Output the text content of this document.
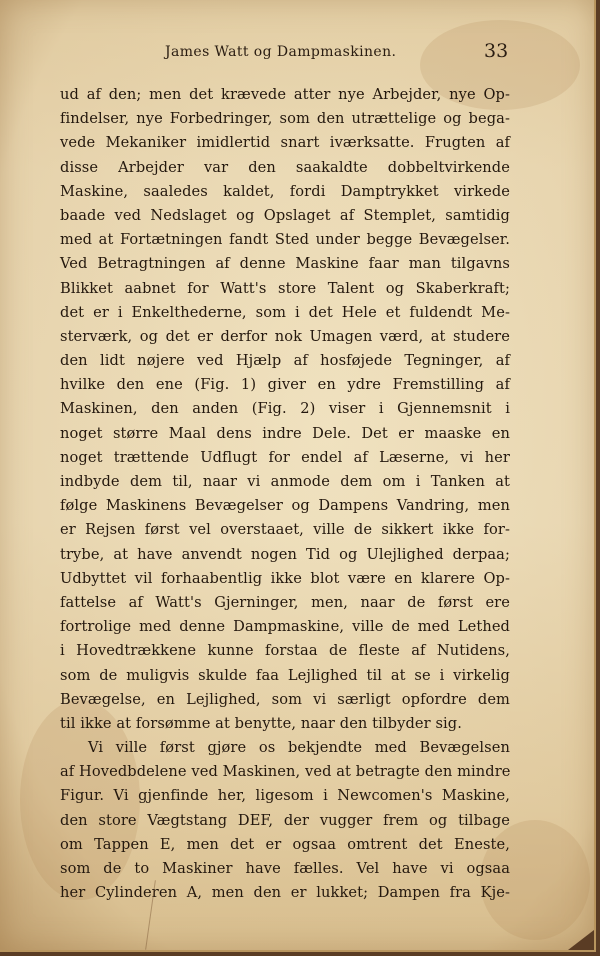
James Watt og Dampmaskinen.	33
ud af den; men det krævede atter nye Arbejder, nye Op-
findelser, nye Forbedringer, som den utrættelige og bega-
vede Mekaniker imidlertid snart iværksatte. Frugten af
disse Arbejder var den saakaldte dobbeltvirkende
Maskine, saaledes kaldet, fordi Damptrykket virkede
baade ved Nedslaget og Opslaget af Stemplet, samtidig
med at Fortætningen fandt Sted under begge Bevægelser.
Ved Betragtningen af denne Maskine faar man tilgavns
Blikket aabnet for Watt's store Talent og Skaberkraft;
det er i Enkelthederne, som i det Hele et fuldendt Me-
sterværk, og det er derfor nok Umagen værd, at studere
den lidt nøjere ved Hjælp af hosføjede Tegninger, af
hvilke den ene (Fig. 1) giver en ydre Fremstilling af
Maskinen, den anden (Fig. 2) viser i Gjennemsnit i
noget større Maal dens indre Dele. Det er maaske en
noget trættende Udflugt for endel af Læserne, vi her
indbyde dem til, naar vi anmode dem om i Tanken at
følge Maskinens Bevægelser og Dampens Vandring, men
er Rejsen først vel overstaaet, ville de sikkert ikke for-
trybe, at have anvendt nogen Tid og Ulejlighed derpaa;
Udbyttet vil forhaabentlig ikke blot være en klarere Op-
fattelse af Watt's Gjerninger, men, naar de først ere
fortrolige med denne Dampmaskine, ville de med Lethed
i Hovedtrækkene kunne forstaa de fleste af Nutidens,
som de muligvis skulde faa Lejlighed til at se i virkelig
Bevægelse, en Lejlighed, som vi særligt opfordre dem
til ikke at forsømme at benytte, naar den tilbyder sig.
Vi ville først gjøre os bekjendte med Bevægelsen
af Hovedbdelene ved Maskinen, ved at betragte den mindre
Figur. Vi gjenfinde her, ligesom i Newcomen's Maskine,
den store Vægtstang DEF, der vugger frem og tilbage
om Tappen E, men det er ogsaa omtrent det Eneste,
som de to Maskiner have fælles. Vel have vi ogsaa
her Cylinderen A, men den er lukket; Dampen fra Kje-
